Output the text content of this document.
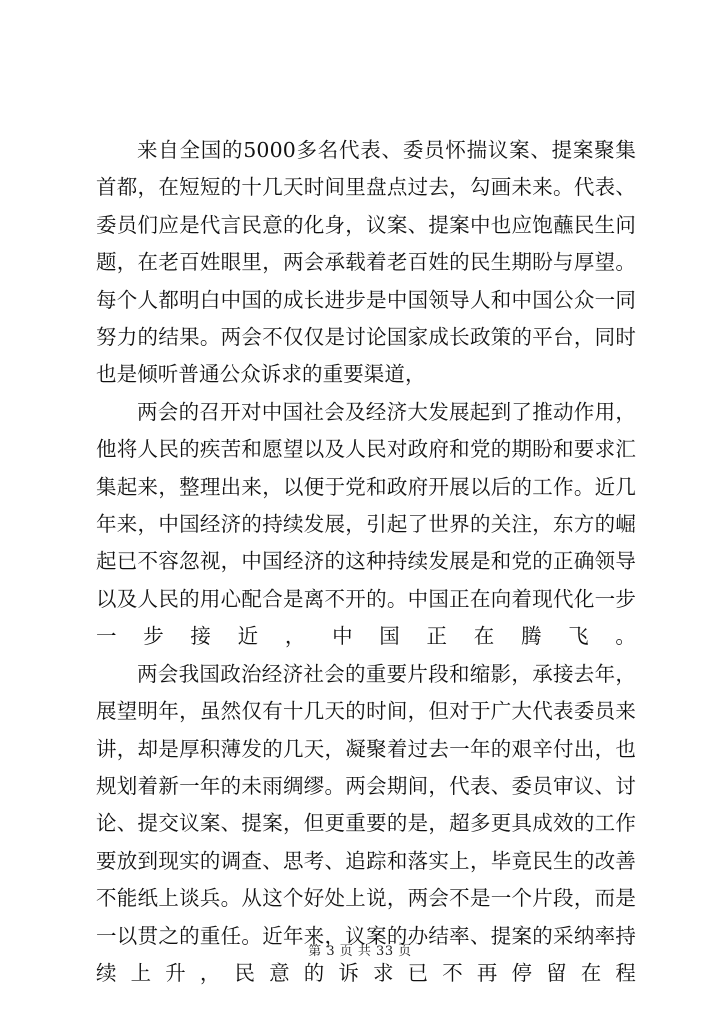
来自全国的5000多名代表、委员怀揣议案、提案聚集首都，在短短的十几天时间里盘点过去，勾画未来。代表、委员们应是代言民意的化身，议案、提案中也应饱蘸民生问题，在老百姓眼里，两会承载着老百姓的民生期盼与厚望。每个人都明白中国的成长进步是中国领导人和中国公众一同努力的结果。两会不仅仅是讨论国家成长政策的平台，同时也是倾听普通公众诉求的重要渠道，

两会的召开对中国社会及经济大发展起到了推动作用，他将人民的疾苦和愿望以及人民对政府和党的期盼和要求汇集起来，整理出来，以便于党和政府开展以后的工作。近几年来，中国经济的持续发展，引起了世界的关注，东方的崛起已不容忽视，中国经济的这种持续发展是和党的正确领导以及人民的用心配合是离不开的。中国正在向着现代化一步一步接近，中国正在腾飞。

两会我国政治经济社会的重要片段和缩影，承接去年，展望明年，虽然仅有十几天的时间，但对于广大代表委员来讲，却是厚积薄发的几天，凝聚着过去一年的艰辛付出，也规划着新一年的未雨绸缪。两会期间，代表、委员审议、讨论、提交议案、提案，但更重要的是，超多更具成效的工作要放到现实的调查、思考、追踪和落实上，毕竟民生的改善不能纸上谈兵。从这个好处上说，两会不是一个片段，而是一以贯之的重任。近年来，议案的办结率、提案的采纳率持续上升，民意的诉求已不再停留在程

第 3 页 共 33 页
